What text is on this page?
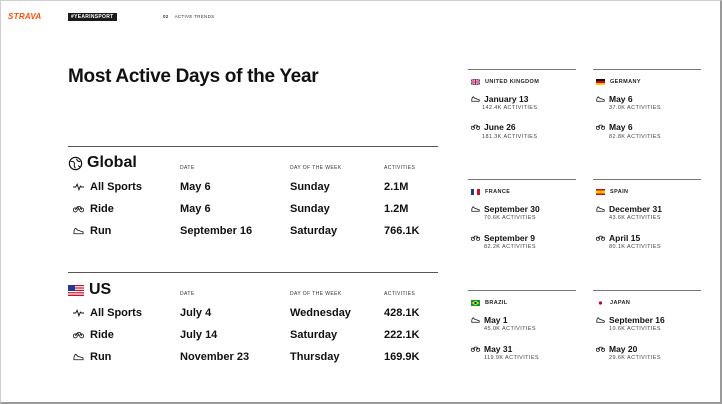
STRAVA	#YEARINSPORT	02 ACTIVE TRENDS
Most Active Days of the Year
Global	DATE	DAY OF THE WEEK	ACTIVITIES
All Sports	May 6	Sunday	2.1M
Ride	May 6	Sunday	1.2M
Run	September 16	Saturday	766.1K
US	DATE	DAY OF THE WEEK	ACTIVITIES
All Sports	July 4	Wednesday	428.1K
Ride	July 14	Saturday	222.1K
Run	November 23	Thursday	169.9K
UNITED KINGDOM
January 13
142.4K ACTIVITIES
June 26
181.3K ACTIVITIES
GERMANY
May 6
37.0K ACTIVITIES
May 6
82.8K ACTIVITIES
FRANCE
September 30
70.6K ACTIVITIES
September 9
82.2K ACTIVITIES
SPAIN
December 31
43.6K ACTIVITIES
April 15
80.1K ACTIVITIES
BRAZIL
May 1
45.0K ACTIVITIES
May 31
119.9K ACTIVITIES
JAPAN
September 16
10.6K ACTIVITIES
May 20
29.6K ACTIVITIES
